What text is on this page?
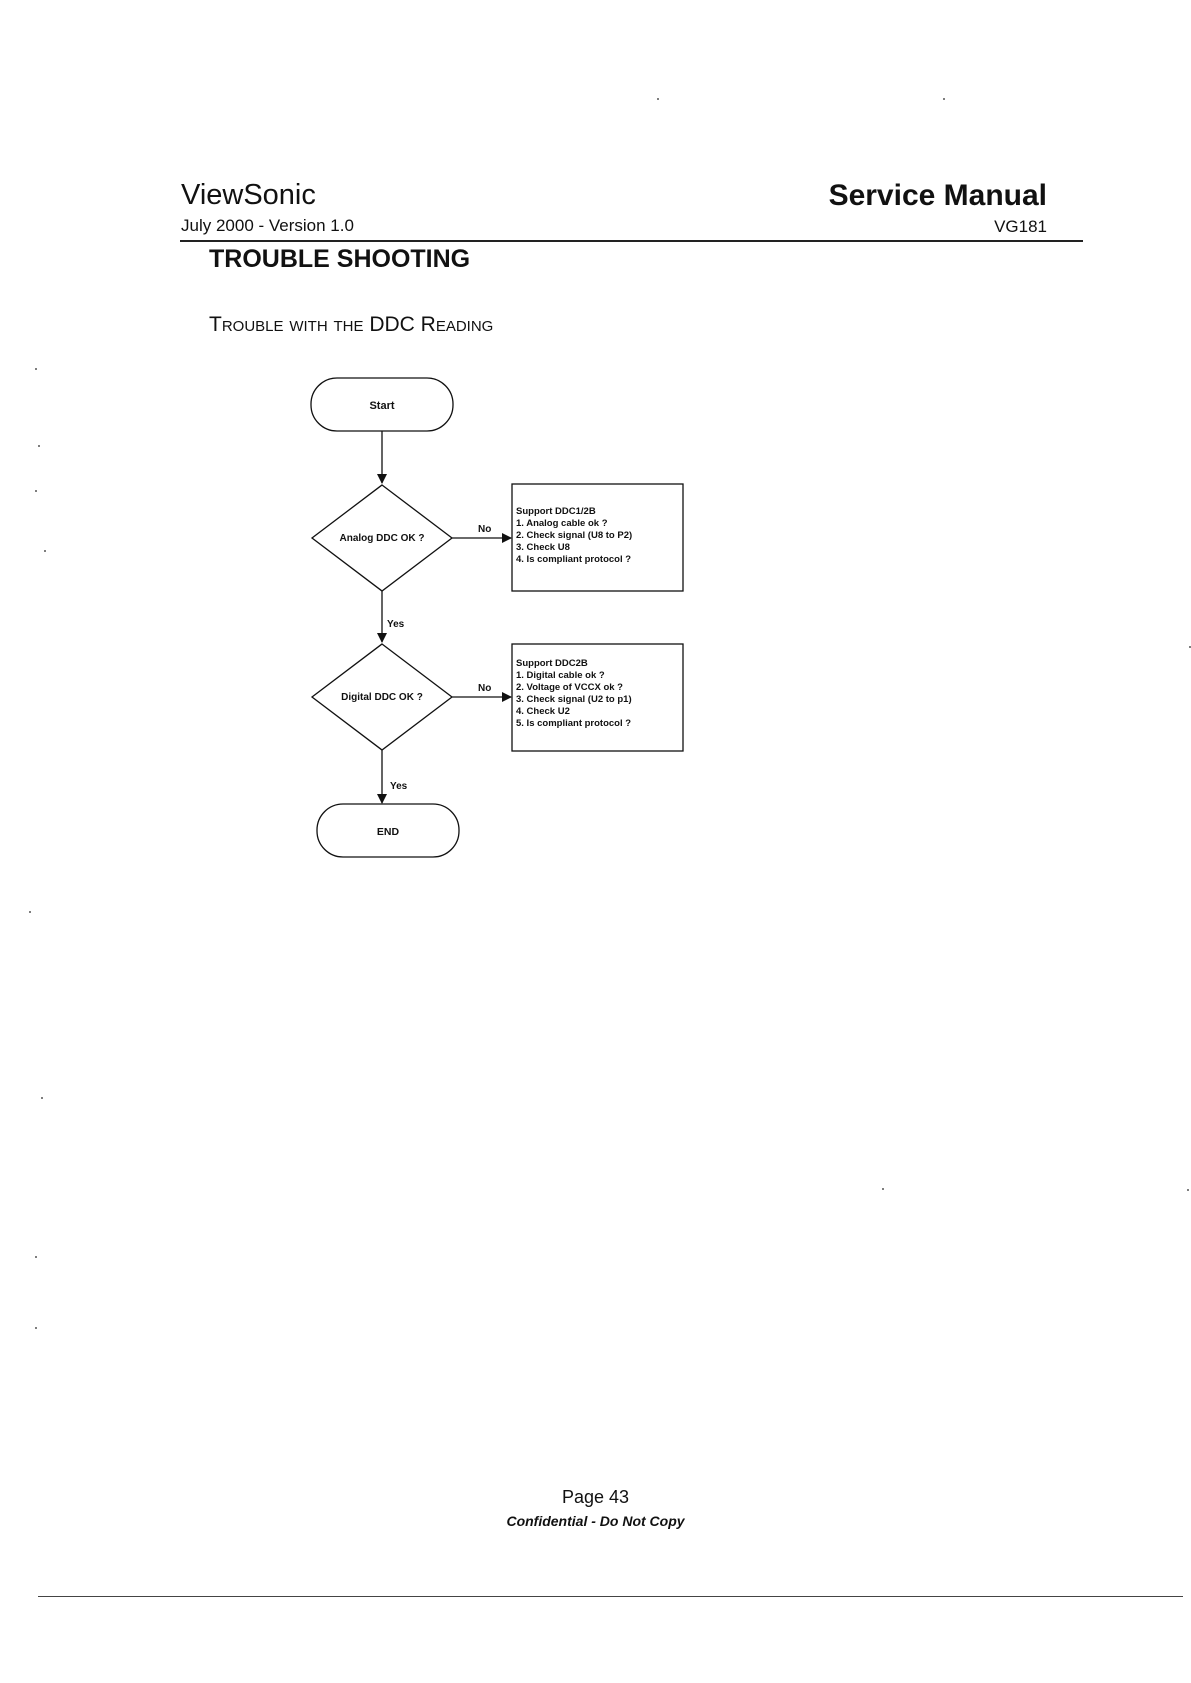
ViewSonic
July 2000 - Version 1.0
Service Manual
VG181
TROUBLE SHOOTING
Trouble with the DDC Reading
Start
Analog DDC OK ?
No
Support DDC1/2B
1. Analog cable ok ?
2. Check signal (U8 to P2)
3. Check U8
4. Is compliant protocol ?
Yes
Digital DDC OK ?
No
Support DDC2B
1. Digital cable ok ?
2. Voltage of VCCX ok ?
3. Check signal (U2 to p1)
4. Check U2
5. Is compliant protocol ?
Yes
END
Page 43
Confidential - Do Not Copy
